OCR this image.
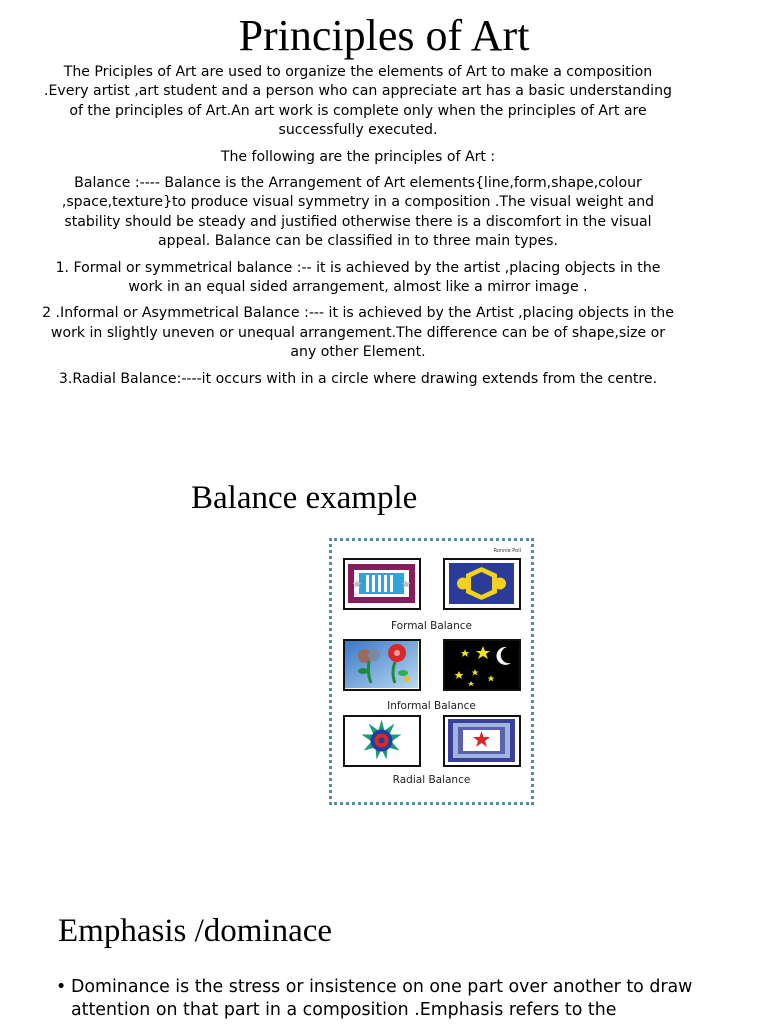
Principles of Art

The Priciples of Art are used to organize the elements of Art to make a composition .Every artist ,art student and a person who can appreciate art has a basic understanding of the principles of Art.An art work is complete only when the principles of Art are successfully executed.

The following are the principles of Art :

Balance :---- Balance is the Arrangement of Art elements{line,form,shape,colour ,space,texture}to produce visual symmetry in a composition .The visual weight and stability should be steady and justified otherwise there is a discomfort in the visual appeal. Balance can be classified in to three main types.

1. Formal or symmetrical balance :-- it is achieved by the artist ,placing objects in the work in an equal sided arrangement, almost like a mirror image .

2 .Informal or Asymmetrical Balance :--- it is achieved by the Artist ,placing objects in the work in slightly uneven or unequal arrangement.The difference can be of shape,size or any other Element.

3.Radial Balance:----it occurs with in a circle where drawing extends from the centre.

Balance example
Ronnie Poll
Formal Balance
Informal Balance
Radial Balance
Emphasis /dominace
• Dominance is the stress or insistence on one part over another to draw attention on that part in a composition .Emphasis refers to the
